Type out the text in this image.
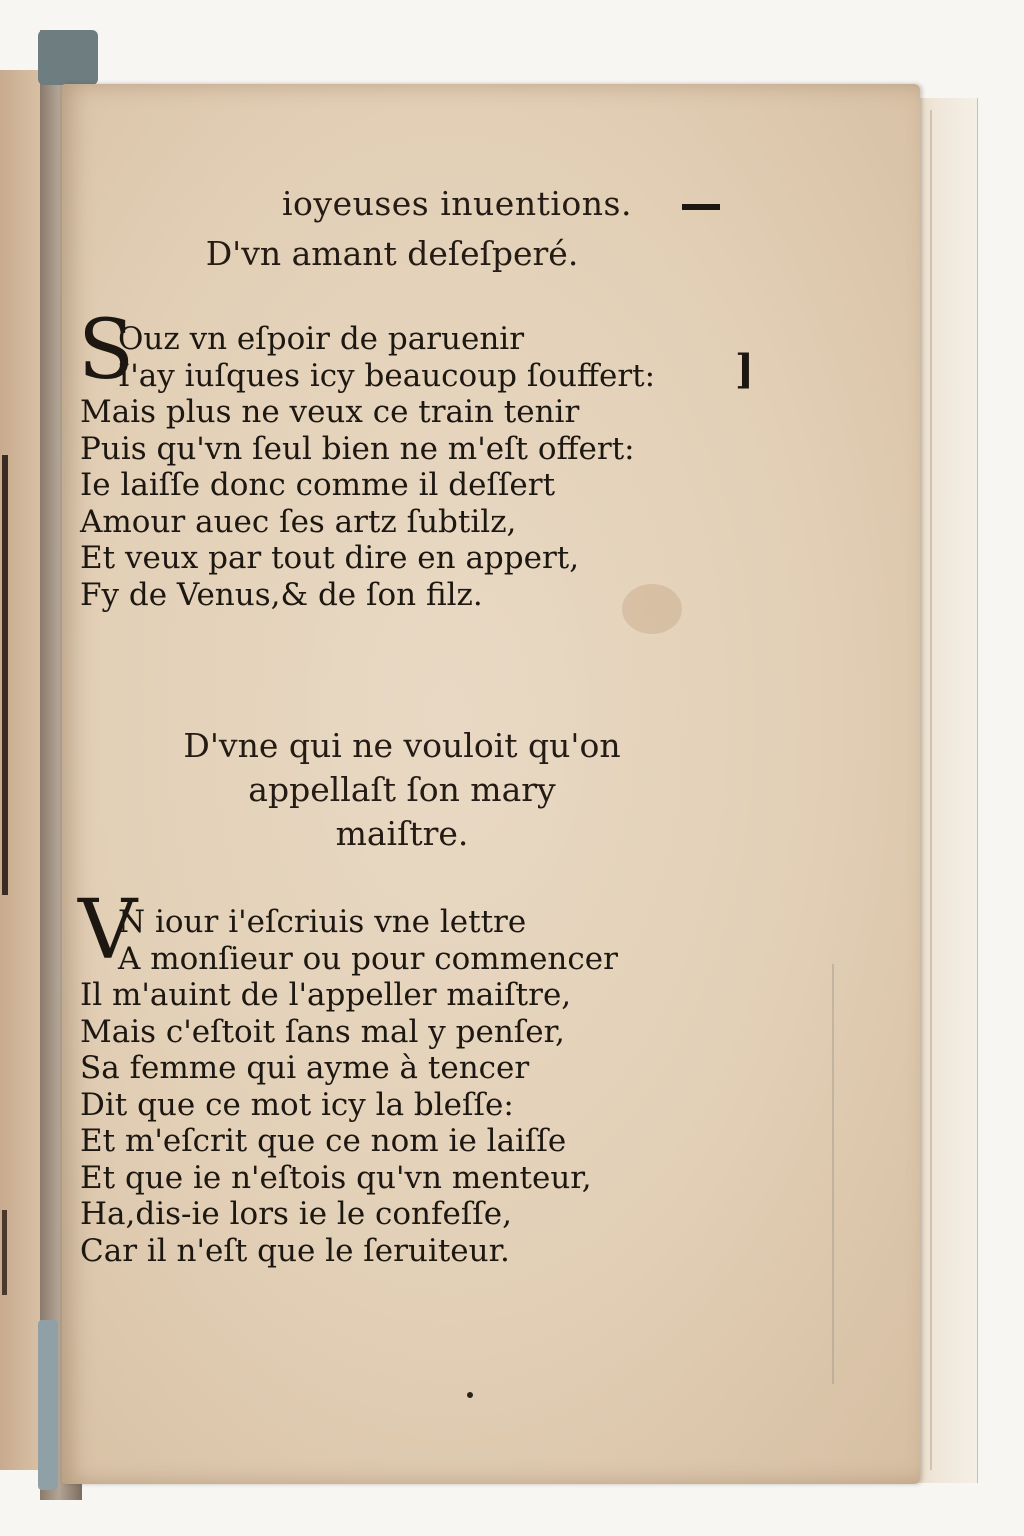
ioyeuses inuentions.
]
D'vn amant deſeſperé.
S
Ouz vn eſpoir de paruenir
I'ay iuſques icy beaucoup ſouffert:
Mais plus ne veux ce train tenir
Puis qu'vn ſeul bien ne m'eſt offert:
Ie laiſſe donc comme il deſſert
Amour auec ſes artz ſubtilz,
Et veux par tout dire en appert,
Fy de Venus,& de ſon filz.
D'vne qui ne vouloit qu'on
appellaſt ſon mary
maiſtre.
V
N iour i'eſcriuis vne lettre
A monſieur ou pour commencer
Il m'auint de l'appeller maiſtre,
Mais c'eſtoit ſans mal y penſer,
Sa femme qui ayme à tencer
Dit que ce mot icy la bleſſe:
Et m'eſcrit que ce nom ie laiſſe
Et que ie n'eſtois qu'vn menteur,
Ha,dis-ie lors ie le confeſſe,
Car il n'eſt que le ſeruiteur.
